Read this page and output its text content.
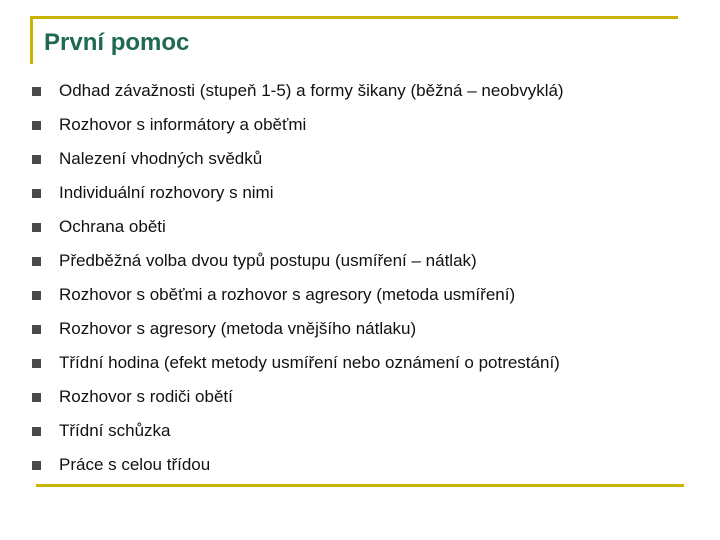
První pomoc
Odhad závažnosti (stupeň 1-5) a formy šikany (běžná – neobvyklá)
Rozhovor s informátory a oběťmi
Nalezení vhodných svědků
Individuální rozhovory s nimi
Ochrana oběti
Předběžná volba dvou typů postupu (usmíření – nátlak)
Rozhovor s oběťmi a rozhovor s agresory (metoda usmíření)
Rozhovor s agresory (metoda vnějšího nátlaku)
Třídní hodina (efekt metody usmíření nebo oznámení o potrestání)
Rozhovor s rodiči obětí
Třídní schůzka
Práce s celou třídou
